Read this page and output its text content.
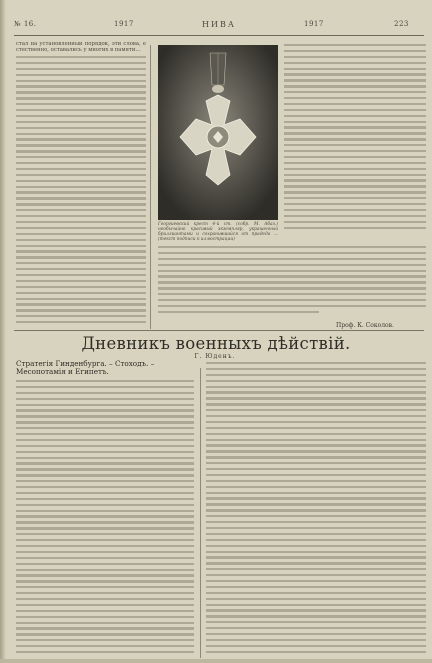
№ 16.	1917	НИВА	1917	223
стал на установленный порядок, эти слова, естественно, оставались у многих в памяти…
Георгиевский крест 4-й ст. (собр. М. Абаз.) необычайно красивый экземпляр, украшенный бриллиантами и сохранившийся от прадеда … (текст подписи к иллюстрации)
Проф. К. Соколов.
Дневникъ военныхъ дѣйствій.
Г. Юденъ.
Стратегія Гинденбурга. – Стоходъ. – Месопотамія и Египетъ.
